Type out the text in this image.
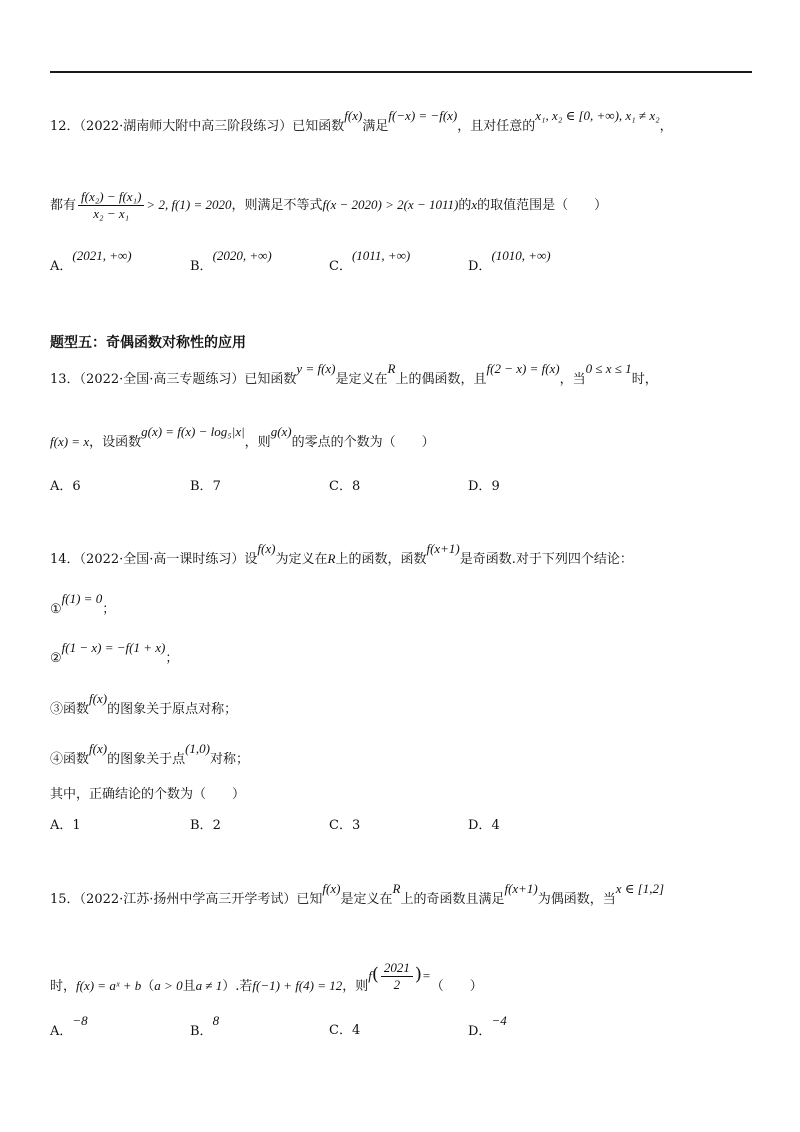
12．（2022·湖南师大附中高三阶段练习）已知函数f(x)满足f(−x) = −f(x)，且对任意的x₁, x₂ ∈ [0, +∞), x₁ ≠ x₂，
都有 $\frac{\text{f(x₂) − f(x₁)}}{\text{x₂ − x₁}} > 2$, f(1) = 2020，则满足不等式f(x − 2020) > 2(x − 1011)的x的取值范围是（　　）
A．(2021, +∞)
B．(2020, +∞)
C．(1011, +∞)
D．(1010, +∞)
题型五：奇偶函数对称性的应用
13．（2022·全国·高三专题练习）已知函数y = f(x)是定义在R上的偶函数，且f(2 − x) = f(x)，当0 ≤ x ≤ 1时，
f(x) = x，设函数g(x) = f(x) − log₅|x|，则g(x)的零点的个数为（　　）
A．6	B．7	C．8	D．9
14．（2022·全国·高一课时练习）设f(x)为定义在R上的函数，函数f(x+1)是奇函数.对于下列四个结论：
①f(1) = 0；
②f(1 − x) = −f(1 + x)；
③函数f(x)的图象关于原点对称；
④函数f(x)的图象关于点(1,0)对称；
其中，正确结论的个数为（　　）
A．1	B．2	C．3	D．4
15．（2022·江苏·扬州中学高三开学考试）已知f(x)是定义在R上的奇函数且满足f(x+1)为偶函数，当x ∈ [1,2]
时，f(x) = aˣ + b（a > 0且a ≠ 1）.若f(−1) + f(4) = 12，则$f( \frac{2021}{2}$ )=（　　）
A．−8
B．8
C．4	D．−4
